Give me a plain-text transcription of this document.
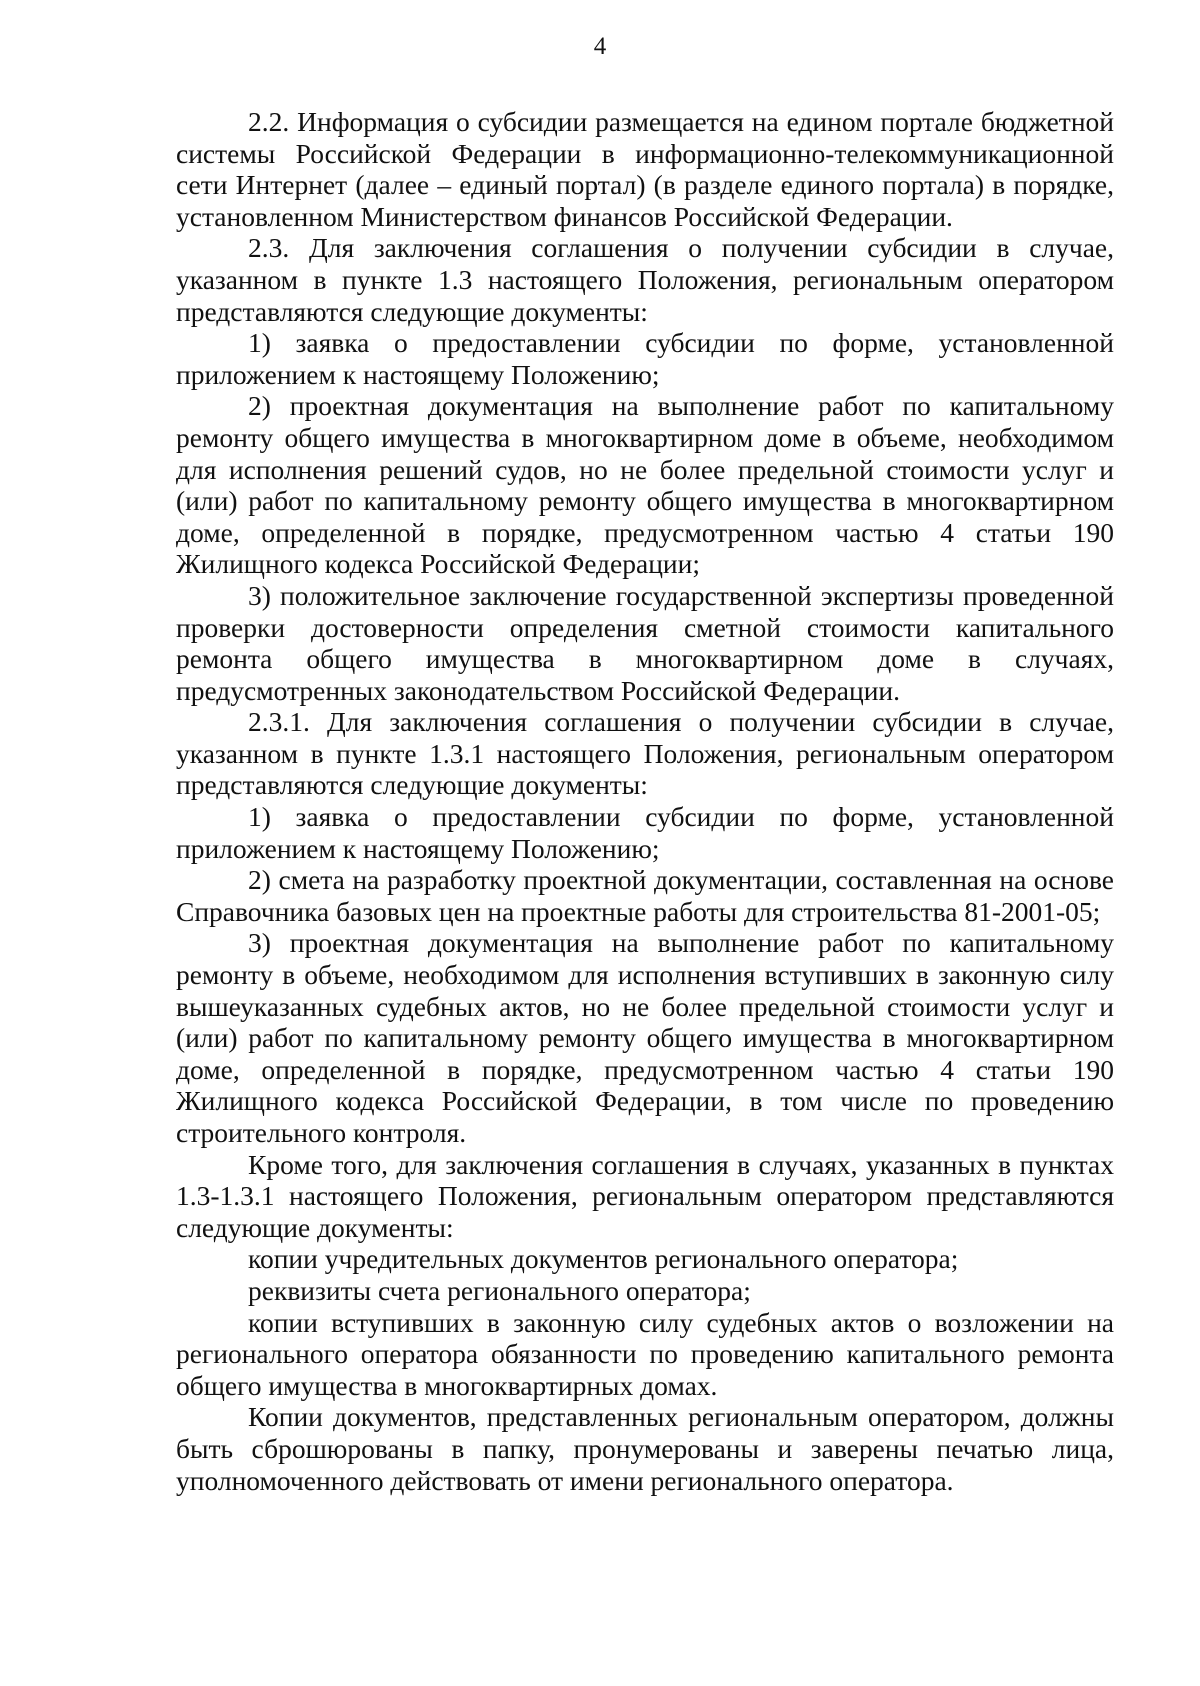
4

2.2. Информация о субсидии размещается на едином портале бюджетной системы Российской Федерации в информационно-телекоммуникационной сети Интернет (далее – единый портал) (в разделе единого портала) в порядке, установленном Министерством финансов Российской Федерации.

2.3. Для заключения соглашения о получении субсидии в случае, указанном в пункте 1.3 настоящего Положения, региональным оператором представляются следующие документы:

1) заявка о предоставлении субсидии по форме, установленной приложением к настоящему Положению;

2) проектная документация на выполнение работ по капитальному ремонту общего имущества в многоквартирном доме в объеме, необходимом для исполнения решений судов, но не более предельной стоимости услуг и (или) работ по капитальному ремонту общего имущества в многоквартирном доме, определенной в порядке, предусмотренном частью 4 статьи 190 Жилищного кодекса Российской Федерации;

3) положительное заключение государственной экспертизы проведенной проверки достоверности определения сметной стоимости капитального ремонта общего имущества в многоквартирном доме в случаях, предусмотренных законодательством Российской Федерации.

2.3.1. Для заключения соглашения о получении субсидии в случае, указанном в пункте 1.3.1 настоящего Положения, региональным оператором представляются следующие документы:

1) заявка о предоставлении субсидии по форме, установленной приложением к настоящему Положению;

2) смета на разработку проектной документации, составленная на основе Справочника базовых цен на проектные работы для строительства 81-2001-05;

3) проектная документация на выполнение работ по капитальному ремонту в объеме, необходимом для исполнения вступивших в законную силу вышеуказанных судебных актов, но не более предельной стоимости услуг и (или) работ по капитальному ремонту общего имущества в многоквартирном доме, определенной в порядке, предусмотренном частью 4 статьи 190 Жилищного кодекса Российской Федерации, в том числе по проведению строительного контроля.

Кроме того, для заключения соглашения в случаях, указанных в пунктах 1.3-1.3.1 настоящего Положения, региональным оператором представляются следующие документы:

копии учредительных документов регионального оператора;

реквизиты счета регионального оператора;

копии вступивших в законную силу судебных актов о возложении на регионального оператора обязанности по проведению капитального ремонта общего имущества в многоквартирных домах.

Копии документов, представленных региональным оператором, должны быть сброшюрованы в папку, пронумерованы и заверены печатью лица, уполномоченного действовать от имени регионального оператора.
